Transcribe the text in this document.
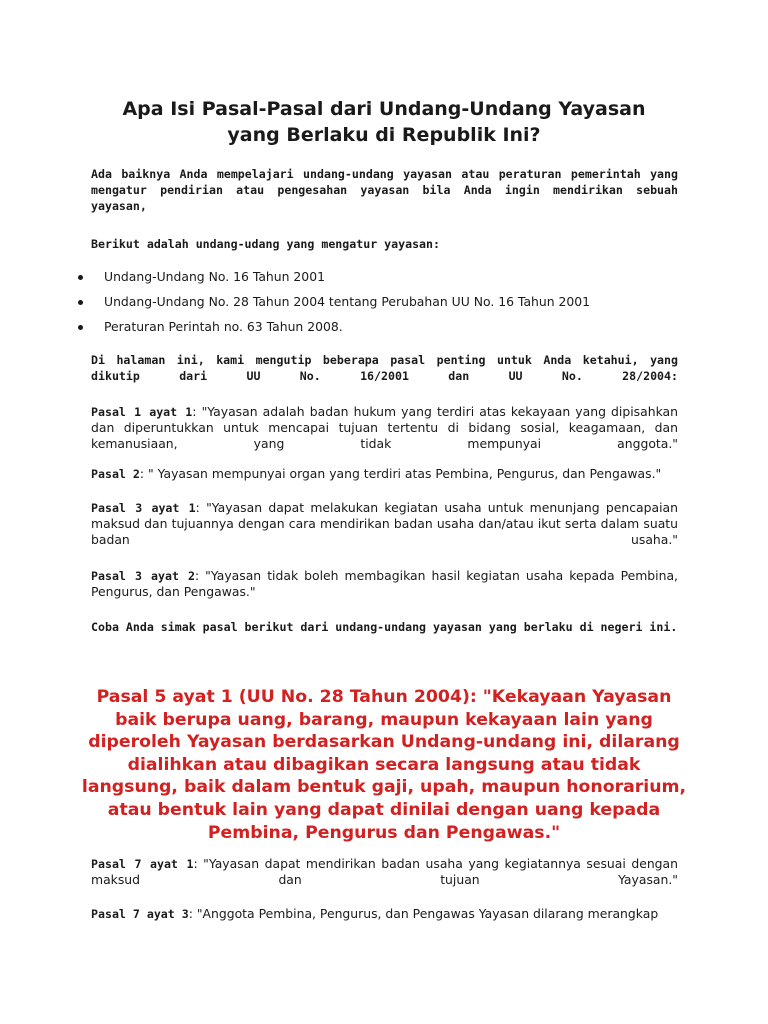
Apa Isi Pasal-Pasal dari Undang-Undang Yayasan
yang Berlaku di Republik Ini?

Ada baiknya Anda mempelajari undang-undang yayasan atau peraturan pemerintah yang mengatur pendirian atau pengesahan yayasan bila Anda ingin mendirikan sebuah yayasan,

Berikut adalah undang-udang yang mengatur yayasan:

Undang-Undang No. 16 Tahun 2001
Undang-Undang No. 28 Tahun 2004 tentang Perubahan UU No. 16 Tahun 2001
Peraturan Perintah no. 63 Tahun 2008.

Di halaman ini, kami mengutip beberapa pasal penting untuk Anda ketahui, yang dikutip dari UU No. 16/2001 dan UU No. 28/2004:

Pasal 1 ayat 1: "Yayasan adalah badan hukum yang terdiri atas kekayaan yang dipisahkan dan diperuntukkan untuk mencapai tujuan tertentu di bidang sosial, keagamaan, dan kemanusiaan, yang tidak mempunyai anggota."

Pasal 2: " Yayasan mempunyai organ yang terdiri atas Pembina, Pengurus, dan Pengawas."

Pasal 3 ayat 1: "Yayasan dapat melakukan kegiatan usaha untuk menunjang pencapaian maksud dan tujuannya dengan cara mendirikan badan usaha dan/atau ikut serta dalam suatu badan usaha."

Pasal 3 ayat 2: "Yayasan tidak boleh membagikan hasil kegiatan usaha kepada Pembina, Pengurus, dan Pengawas."

Coba Anda simak pasal berikut dari undang-undang yayasan yang berlaku di negeri ini.

Pasal 5 ayat 1 (UU No. 28 Tahun 2004): "Kekayaan Yayasan baik berupa uang, barang, maupun kekayaan lain yang diperoleh Yayasan berdasarkan Undang-undang ini, dilarang dialihkan atau dibagikan secara langsung atau tidak langsung, baik dalam bentuk gaji, upah, maupun honorarium, atau bentuk lain yang dapat dinilai dengan uang kepada Pembina, Pengurus dan Pengawas."

Pasal 7 ayat 1: "Yayasan dapat mendirikan badan usaha yang kegiatannya sesuai dengan maksud dan tujuan Yayasan."

Pasal 7 ayat 3: "Anggota Pembina, Pengurus, dan Pengawas Yayasan dilarang merangkap
